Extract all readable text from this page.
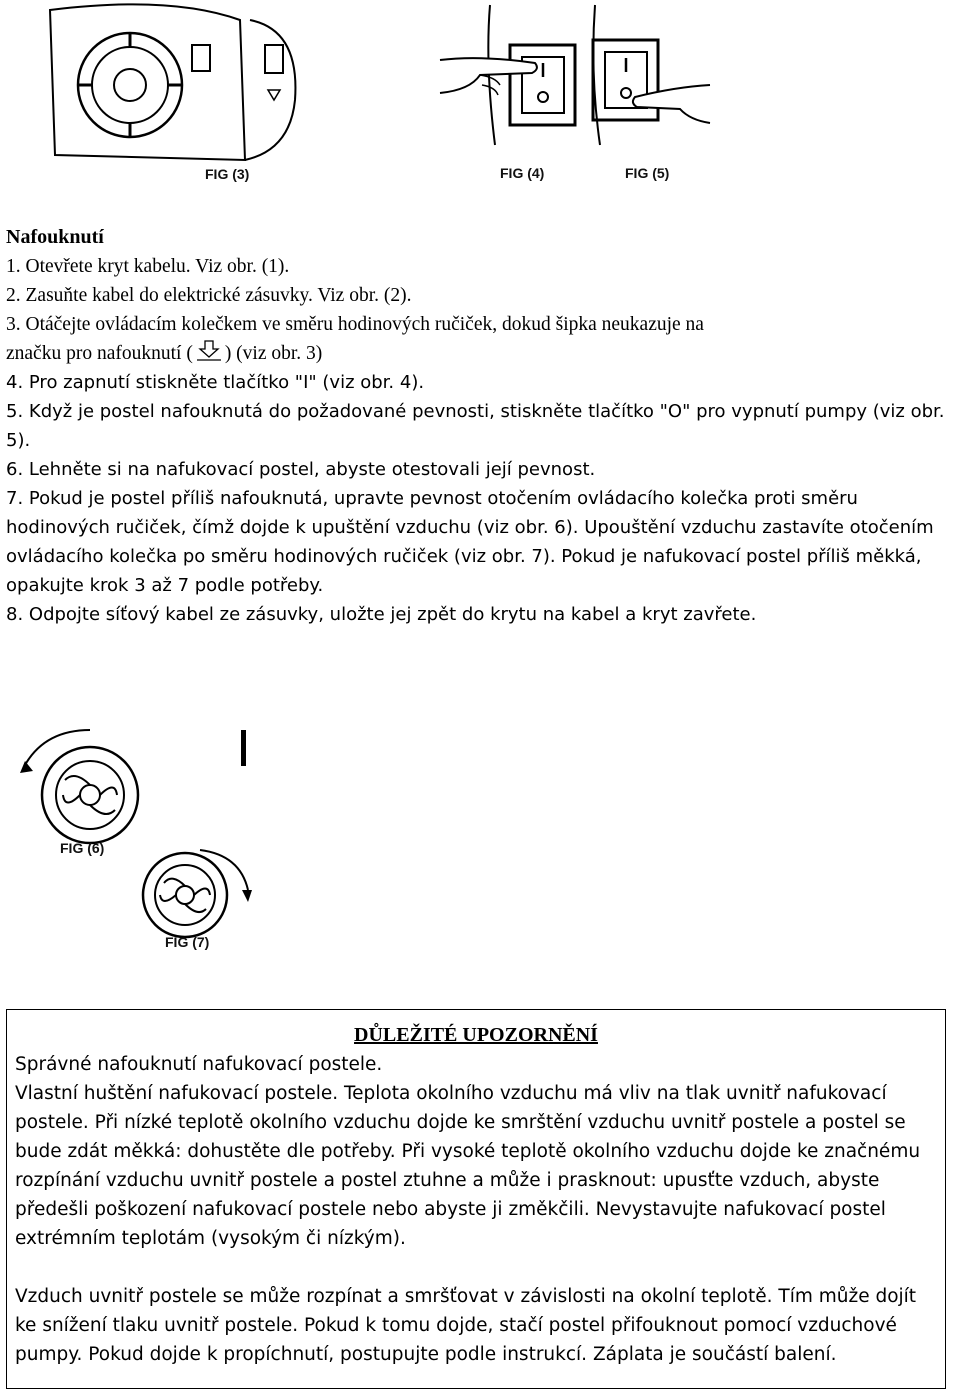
FIG (3)	FIG (4)	FIG (5)

Nafouknutí

1. Otevřete kryt kabelu. Viz obr. (1).

2. Zasuňte kabel do elektrické zásuvky. Viz obr. (2).

3. Otáčejte ovládacím kolečkem ve směru hodinových ručiček, dokud šipka neukazuje na

značku pro nafouknutí ( ) (viz obr. 3)

4. Pro zapnutí stiskněte tlačítko "I" (viz obr. 4).

5. Když je postel nafouknutá do požadované pevnosti, stiskněte tlačítko "O" pro vypnutí pumpy (viz obr. 5).

6. Lehněte si na nafukovací postel, abyste otestovali její pevnost.

7. Pokud je postel příliš nafouknutá, upravte pevnost otočením ovládacího kolečka proti směru hodinových ručiček, čímž dojde k upuštění vzduchu (viz obr. 6). Upouštění vzduchu zastavíte otočením ovládacího kolečka po směru hodinových ručiček (viz obr. 7). Pokud je nafukovací postel příliš měkká, opakujte krok 3 až 7 podle potřeby.

8. Odpojte síťový kabel ze zásuvky, uložte jej zpět do krytu na kabel a kryt zavřete.

FIG (6)
FIG (7)
DŮLEŽITÉ UPOZORNĚNÍ

Správné nafouknutí nafukovací postele.

Vlastní huštění nafukovací postele. Teplota okolního vzduchu má vliv na tlak uvnitř nafukovací postele. Při nízké teplotě okolního vzduchu dojde ke smrštění vzduchu uvnitř postele a postel se bude zdát měkká: dohustěte dle potřeby. Při vysoké teplotě okolního vzduchu dojde ke značnému rozpínání vzduchu uvnitř postele a postel ztuhne a může i prasknout: upusťte vzduch, abyste předešli poškození nafukovací postele nebo abyste ji změkčili. Nevystavujte nafukovací postel extrémním teplotám (vysokým či nízkým).

Vzduch uvnitř postele se může rozpínat a smršťovat v závislosti na okolní teplotě. Tím může dojít ke snížení tlaku uvnitř postele. Pokud k tomu dojde, stačí postel přifouknout pomocí vzduchové pumpy. Pokud dojde k propíchnutí, postupujte podle instrukcí. Záplata je součástí balení.
